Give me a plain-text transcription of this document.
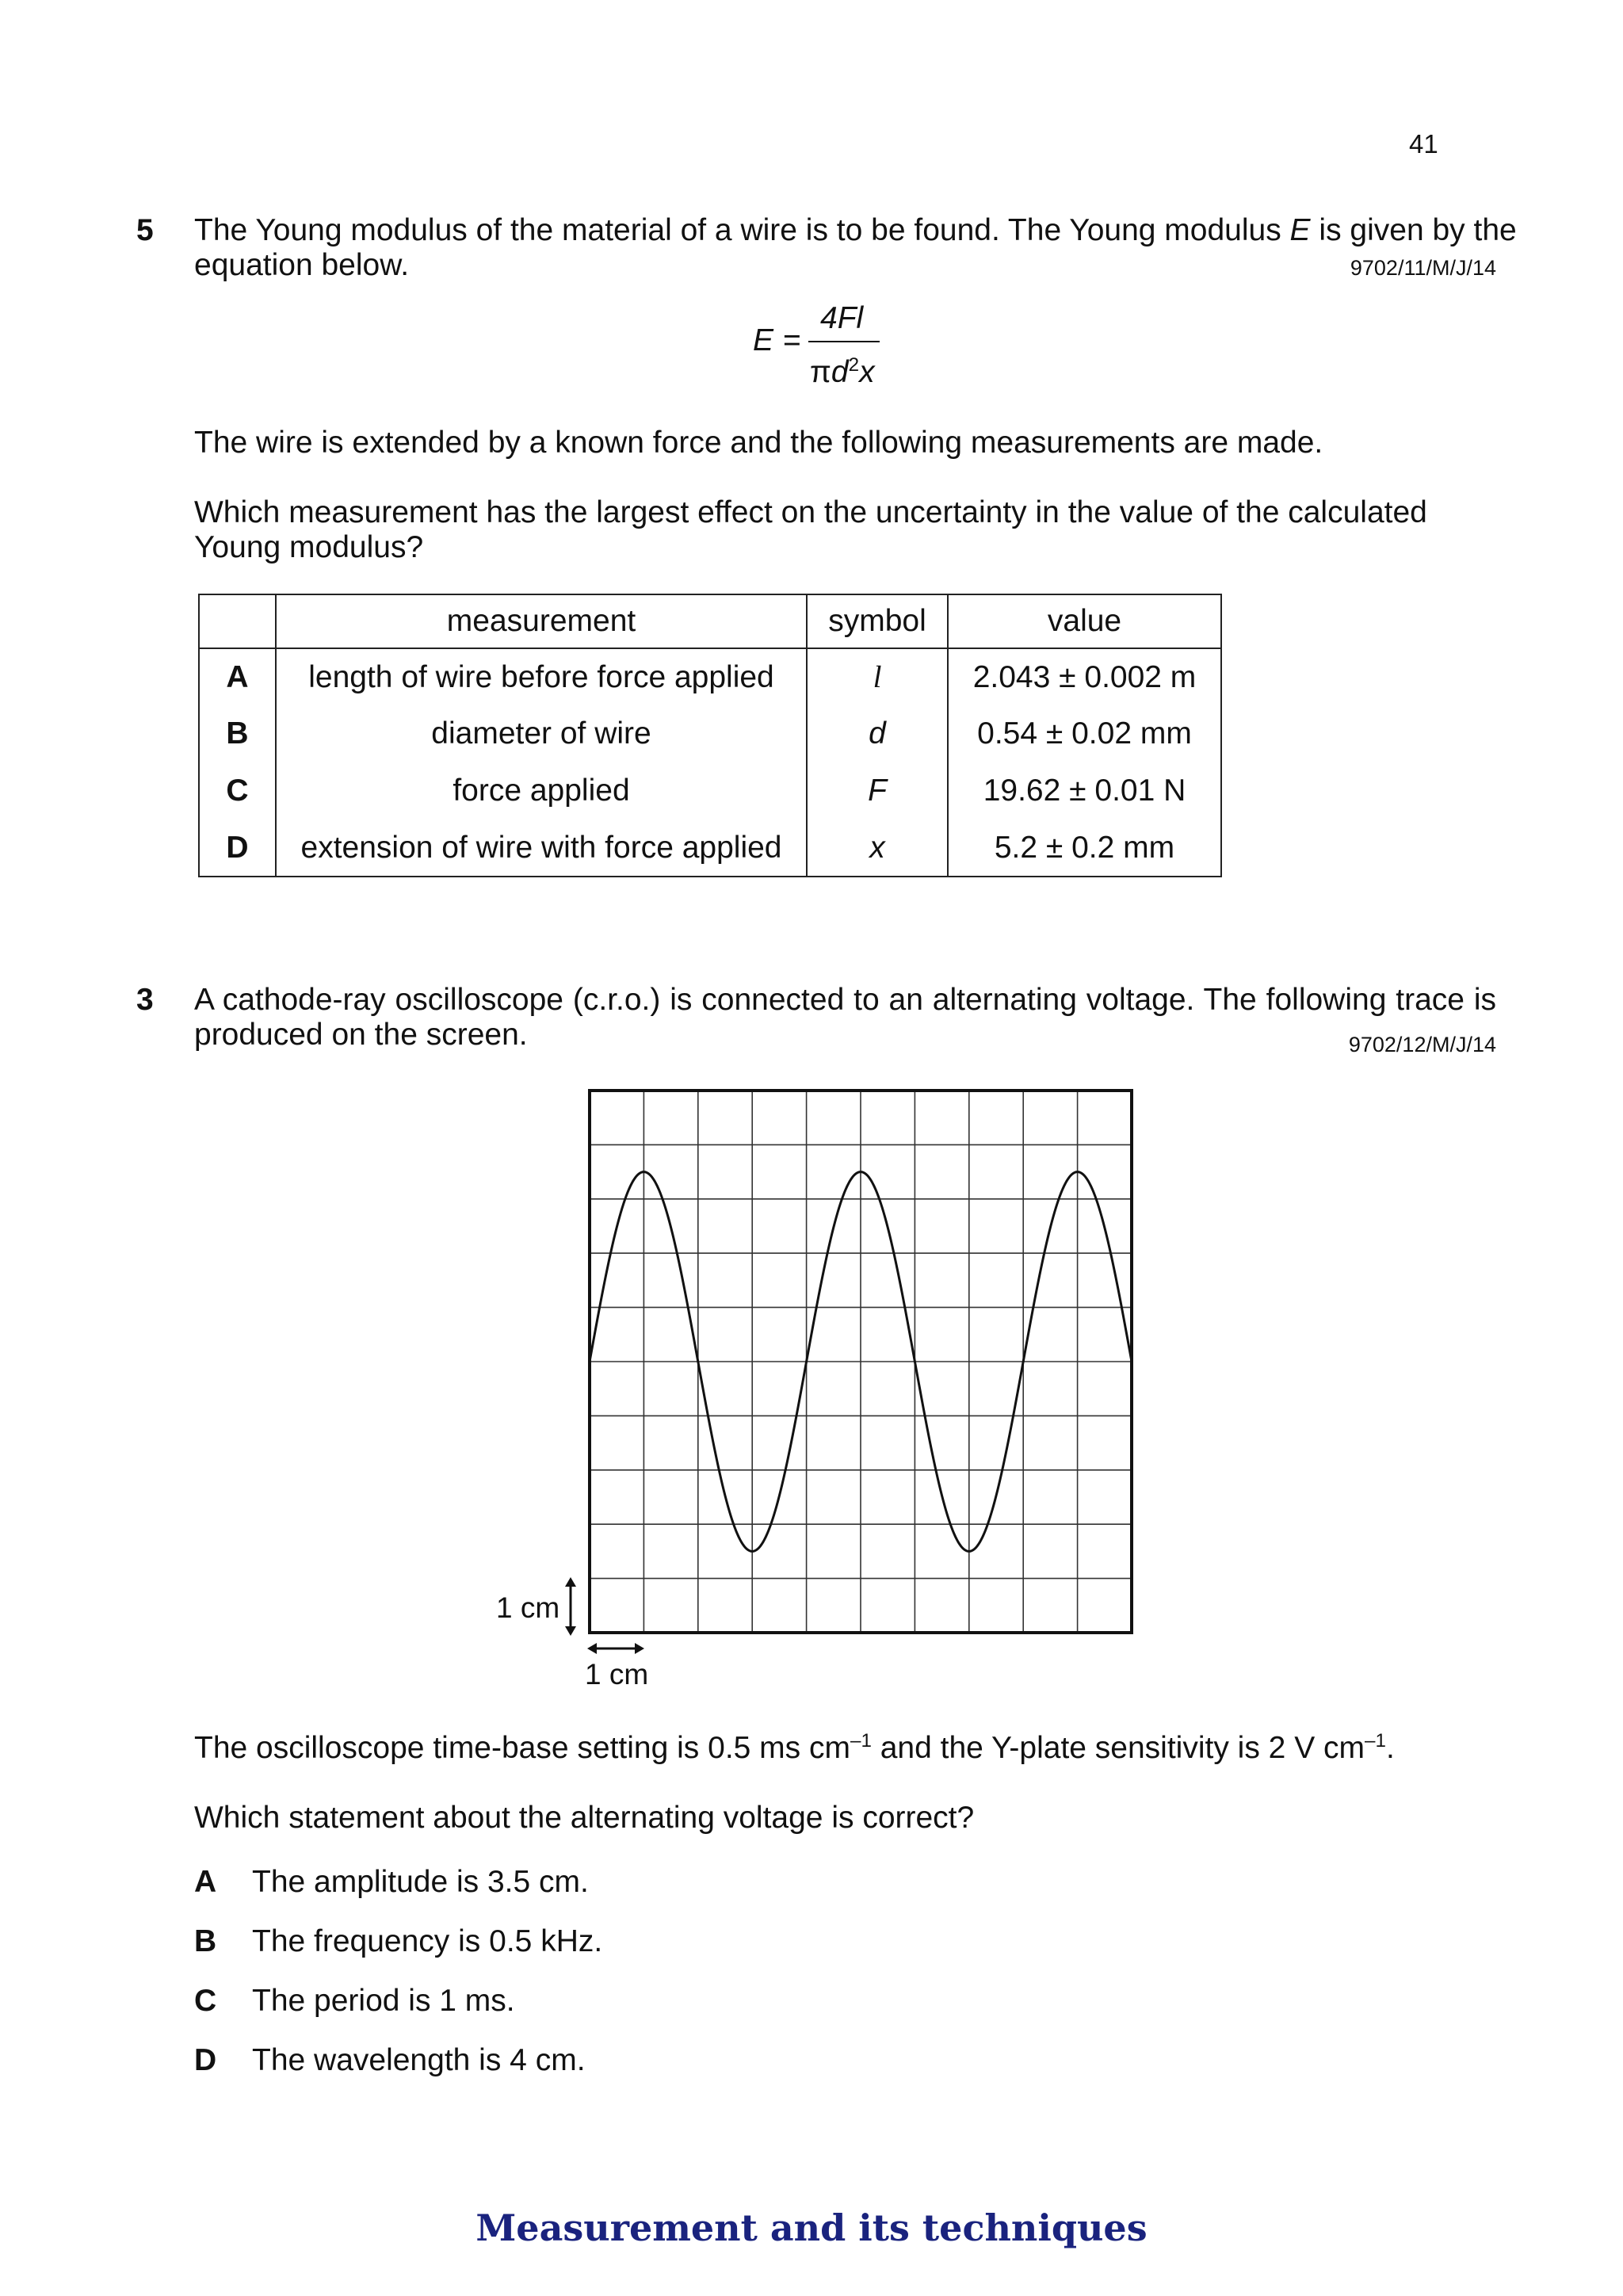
41
5 The Young modulus of the material of a wire is to be found. The Young modulus E is given by the
equation below.	9702/11/M/J/14
E =
4Fl
$\pi d^2x$
The wire is extended by a known force and the following measurements are made.
Which measurement has the largest effect on the uncertainty in the value of the calculated
Young modulus?
	measurement	symbol	value
A	length of wire before force applied	l	2.043 ± 0.002 m
B	diameter of wire	d	0.54 ± 0.02 mm
C	force applied	F	19.62 ± 0.01 N
D	extension of wire with force applied	x	5.2 ± 0.2 mm
3 A cathode-ray oscilloscope (c.r.o.) is connected to an alternating voltage. The following trace is
produced on the screen.	9702/12/M/J/14
1 cm
1 cm
The oscilloscope time-base setting is 0.5 ms $cm^{-1}$ and the Y-plate sensitivity is 2 V $cm^{-1}$.
Which statement about the alternating voltage is correct?
A The amplitude is 3.5 cm.
B The frequency is 0.5 kHz.
C The period is 1 ms.
D The wavelength is 4 cm.
Measurement and its techniques
